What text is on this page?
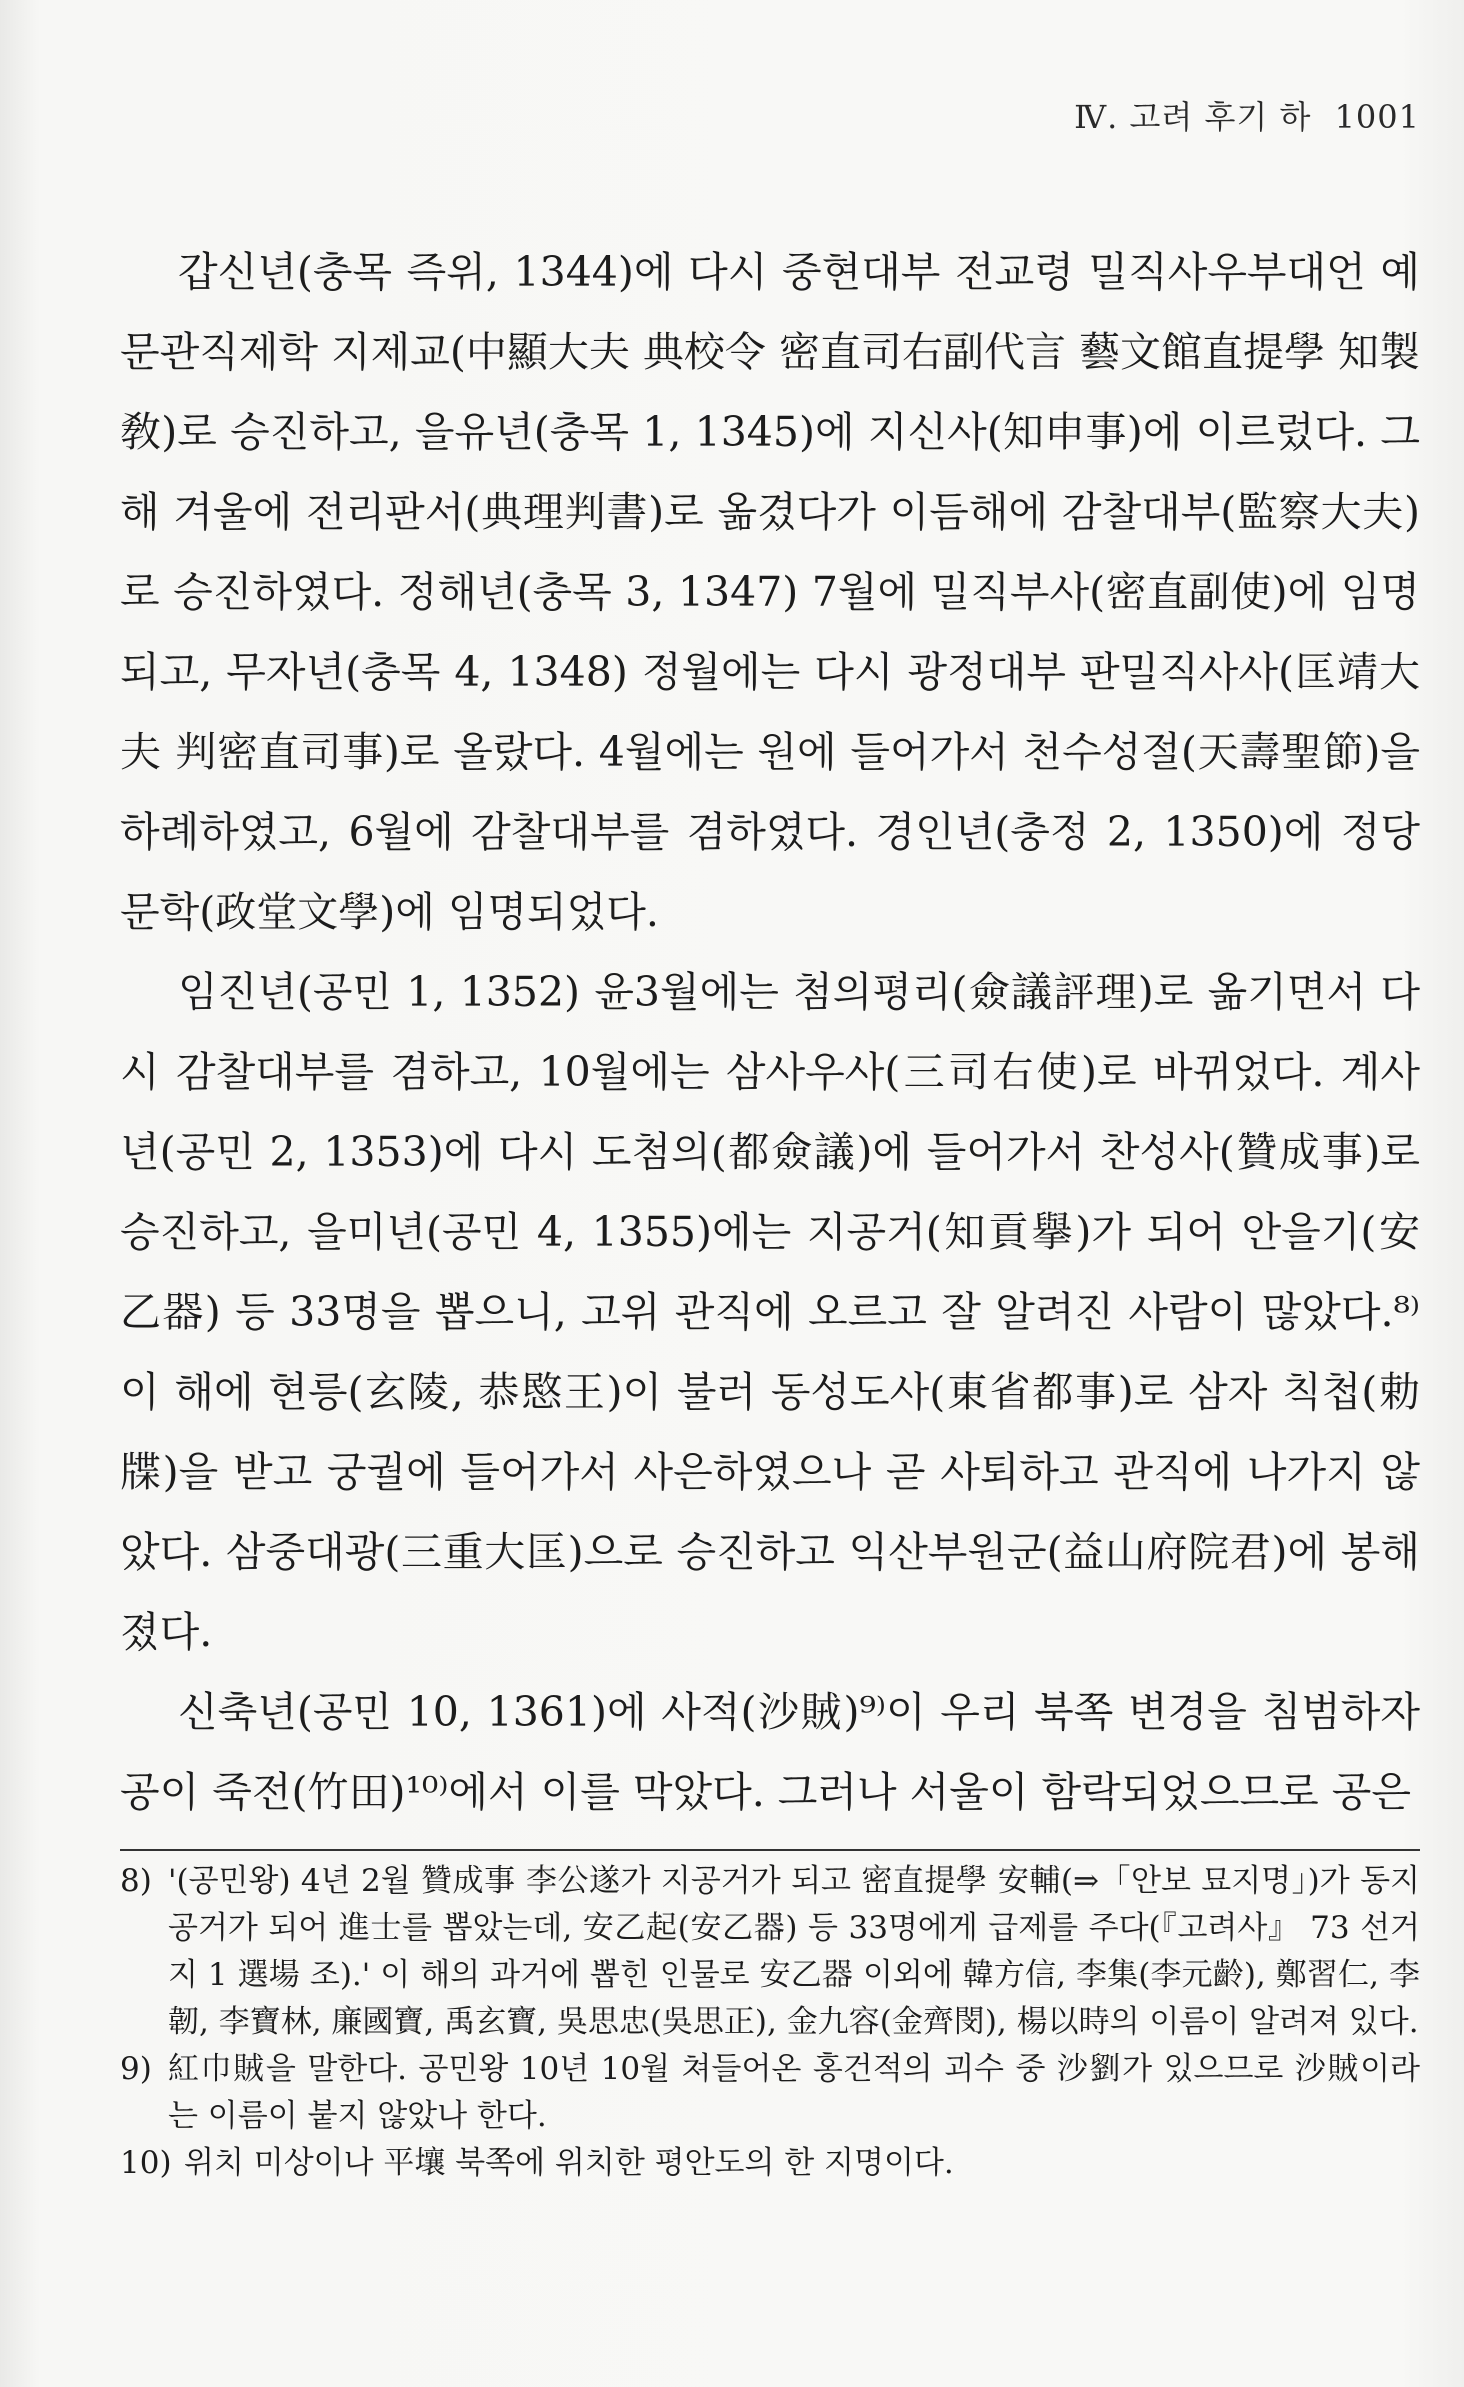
Ⅳ. 고려 후기 하 1001

갑신년(충목 즉위, 1344)에 다시 중현대부 전교령 밀직사우부대언 예문관직제학 지제교(中顯大夫 典校令 密直司右副代言 藝文館直提學 知製敎)로 승진하고, 을유년(충목 1, 1345)에 지신사(知申事)에 이르렀다. 그 해 겨울에 전리판서(典理判書)로 옮겼다가 이듬해에 감찰대부(監察大夫)로 승진하였다. 정해년(충목 3, 1347) 7월에 밀직부사(密直副使)에 임명되고, 무자년(충목 4, 1348) 정월에는 다시 광정대부 판밀직사사(匡靖大夫 判密直司事)로 올랐다. 4월에는 원에 들어가서 천수성절(天壽聖節)을 하례하였고, 6월에 감찰대부를 겸하였다. 경인년(충정 2, 1350)에 정당문학(政堂文學)에 임명되었다.

임진년(공민 1, 1352) 윤3월에는 첨의평리(僉議評理)로 옮기면서 다시 감찰대부를 겸하고, 10월에는 삼사우사(三司右使)로 바뀌었다. 계사년(공민 2, 1353)에 다시 도첨의(都僉議)에 들어가서 찬성사(贊成事)로 승진하고, 을미년(공민 4, 1355)에는 지공거(知貢擧)가 되어 안을기(安乙器) 등 33명을 뽑으니, 고위 관직에 오르고 잘 알려진 사람이 많았다.⁸⁾ 이 해에 현릉(玄陵, 恭愍王)이 불러 동성도사(東省都事)로 삼자 칙첩(勅牒)을 받고 궁궐에 들어가서 사은하였으나 곧 사퇴하고 관직에 나가지 않았다. 삼중대광(三重大匡)으로 승진하고 익산부원군(益山府院君)에 봉해졌다.

신축년(공민 10, 1361)에 사적(沙賊)⁹⁾이 우리 북쪽 변경을 침범하자 공이 죽전(竹田)¹⁰⁾에서 이를 막았다. 그러나 서울이 함락되었으므로 공은

8) '(공민왕) 4년 2월 贊成事 李公遂가 지공거가 되고 密直提學 安輔(⇒「안보 묘지명」)가 동지공거가 되어 進士를 뽑았는데, 安乙起(安乙器) 등 33명에게 급제를 주다(『고려사』 73 선거지 1 選場 조).' 이 해의 과거에 뽑힌 인물로 安乙器 이외에 韓方信, 李集(李元齡), 鄭習仁, 李韌, 李寶林, 廉國寶, 禹玄寶, 吳思忠(吳思正), 金九容(金齊閔), 楊以時의 이름이 알려져 있다.
9) 紅巾賊을 말한다. 공민왕 10년 10월 쳐들어온 홍건적의 괴수 중 沙劉가 있으므로 沙賊이라는 이름이 붙지 않았나 한다.
10) 위치 미상이나 平壤 북쪽에 위치한 평안도의 한 지명이다.
